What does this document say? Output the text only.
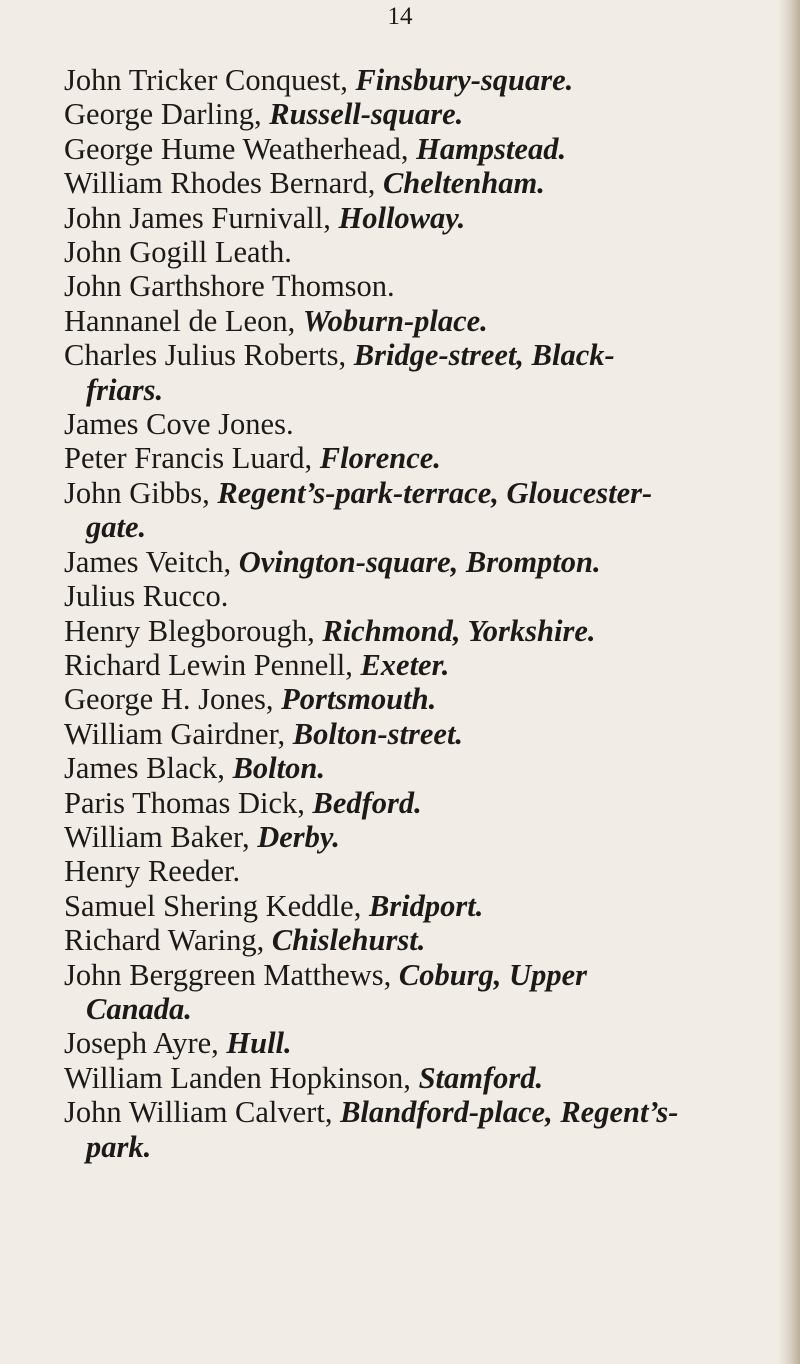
14
John Tricker Conquest, Finsbury-square.
George Darling, Russell-square.
George Hume Weatherhead, Hampstead.
William Rhodes Bernard, Cheltenham.
John James Furnivall, Holloway.
John Gogill Leath.
John Garthshore Thomson.
Hannanel de Leon, Woburn-place.
Charles Julius Roberts, Bridge-street, Black-
friars.
James Cove Jones.
Peter Francis Luard, Florence.
John Gibbs, Regent’s-park-terrace, Gloucester-
gate.
James Veitch, Ovington-square, Brompton.
Julius Rucco.
Henry Blegborough, Richmond, Yorkshire.
Richard Lewin Pennell, Exeter.
George H. Jones, Portsmouth.
William Gairdner, Bolton-street.
James Black, Bolton.
Paris Thomas Dick, Bedford.
William Baker, Derby.
Henry Reeder.
Samuel Shering Keddle, Bridport.
Richard Waring, Chislehurst.
John Berggreen Matthews, Coburg, Upper
Canada.
Joseph Ayre, Hull.
William Landen Hopkinson, Stamford.
John William Calvert, Blandford-place, Regent’s-
park.
